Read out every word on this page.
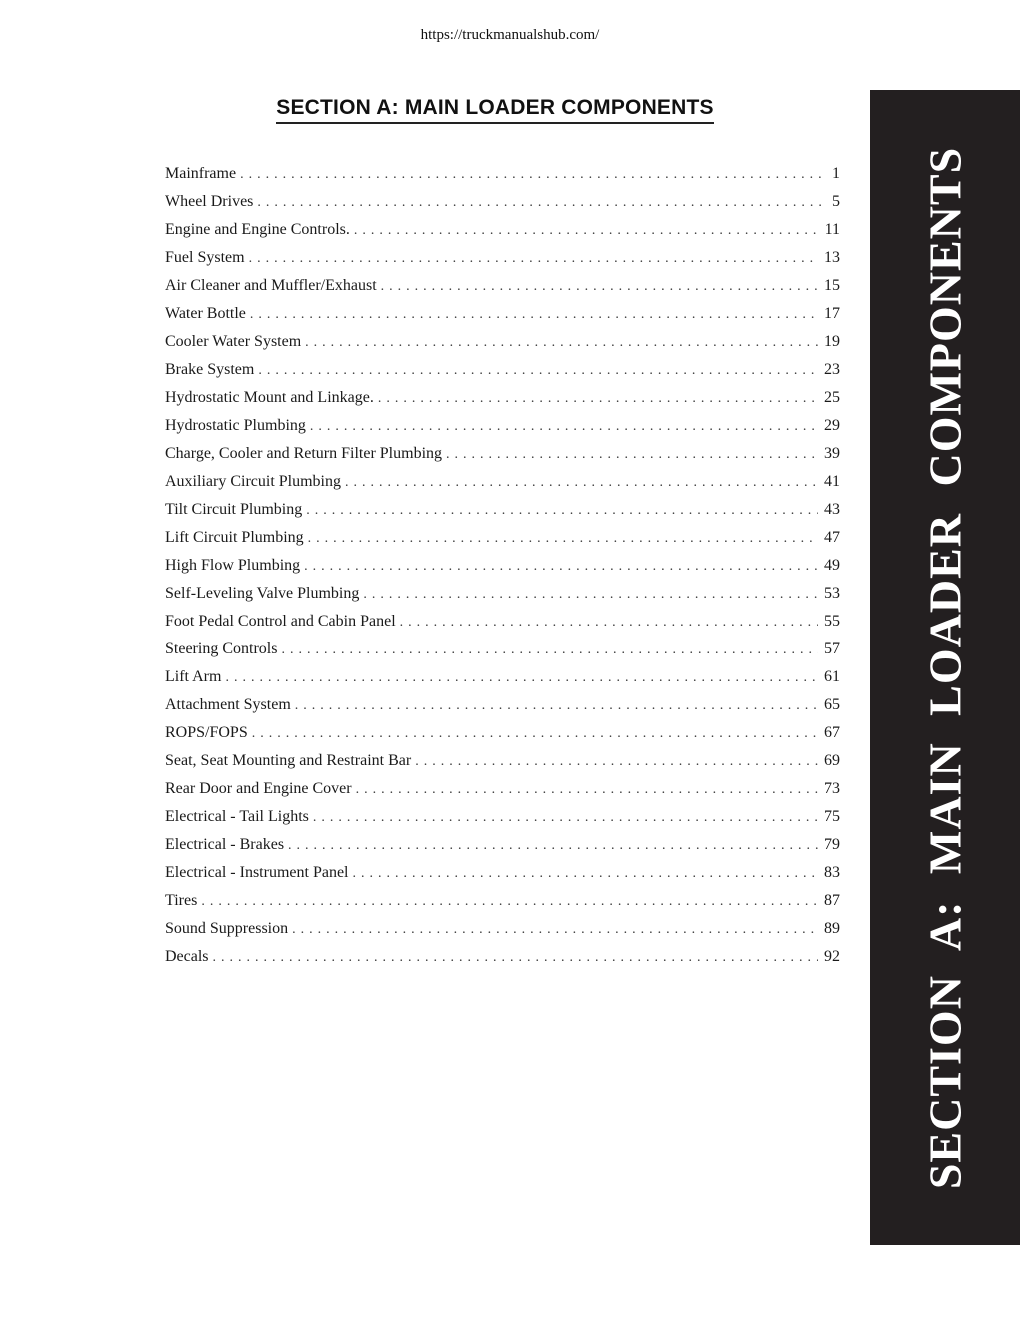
https://truckmanualshub.com/
SECTION A: MAIN LOADER COMPONENTS
Mainframe . . .	1
Wheel Drives . . .	5
Engine and Engine Controls. . . .	11
Fuel System . . .	13
Air Cleaner and Muffler/Exhaust . . .	15
Water Bottle . . .	17
Cooler Water System . . .	19
Brake System . . .	23
Hydrostatic Mount and Linkage. . . .	25
Hydrostatic Plumbing . . .	29
Charge, Cooler and Return Filter Plumbing . . .	39
Auxiliary Circuit Plumbing . . .	41
Tilt Circuit Plumbing . . .	43
Lift Circuit Plumbing . . .	47
High Flow Plumbing . . .	49
Self-Leveling Valve Plumbing . . .	53
Foot Pedal Control and Cabin Panel . . .	55
Steering Controls . . .	57
Lift Arm . . .	61
Attachment System . . .	65
ROPS/FOPS . . .	67
Seat, Seat Mounting and Restraint Bar . . .	69
Rear Door and Engine Cover . . .	73
Electrical - Tail Lights . . .	75
Electrical - Brakes . . .	79
Electrical - Instrument Panel . . .	83
Tires . . .	87
Sound Suppression . . .	89
Decals . . .	92 SECTION A: MAIN LOADER COMPONENTS
